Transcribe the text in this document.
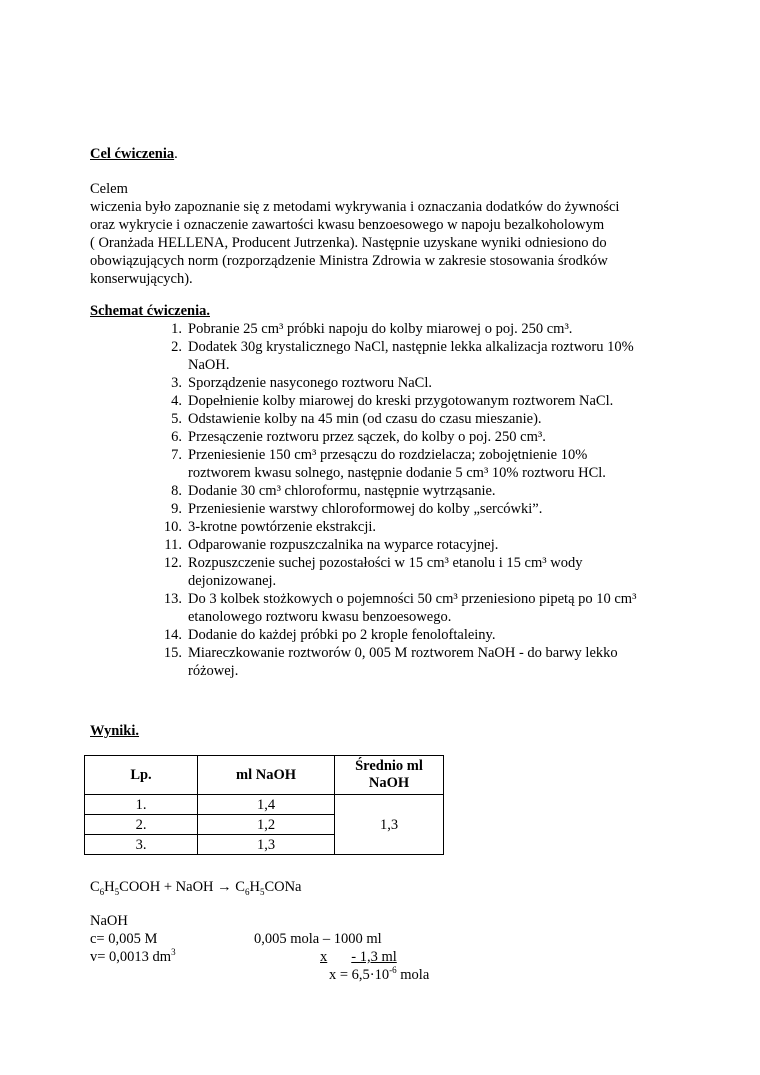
Cel ćwiczenia.
Celem
wiczenia było zapoznanie się z metodami wykrywania i oznaczania dodatków do żywności
oraz wykrycie i oznaczenie zawartości kwasu benzoesowego w napoju bezalkoholowym
( Oranżada HELLENA, Producent Jutrzenka). Następnie uzyskane wyniki odniesiono do
obowiązujących norm (rozporządzenie Ministra Zdrowia w zakresie stosowania środków
konserwujących).
Schemat ćwiczenia.
1. Pobranie 25 cm³ próbki napoju do kolby miarowej o poj. 250 cm³.
2. Dodatek 30g krystalicznego NaCl, następnie lekka alkalizacja roztworu 10%
NaOH.
3. Sporządzenie nasyconego roztworu NaCl.
4. Dopełnienie kolby miarowej do kreski przygotowanym roztworem NaCl.
5. Odstawienie kolby na 45 min (od czasu do czasu mieszanie).
6. Przesączenie roztworu przez sączek, do kolby o poj. 250 cm³.
7. Przeniesienie 150 cm³ przesączu do rozdzielacza; zobojętnienie 10%
roztworem kwasu solnego, następnie dodanie 5 cm³ 10% roztworu HCl.
8. Dodanie 30 cm³ chloroformu, następnie wytrząsanie.
9. Przeniesienie warstwy chloroformowej do kolby „sercówki”.
10. 3-krotne powtórzenie ekstrakcji.
11. Odparowanie rozpuszczalnika na wyparce rotacyjnej.
12. Rozpuszczenie suchej pozostałości w 15 cm³ etanolu i 15 cm³ wody
dejonizowanej.
13. Do 3 kolbek stożkowych o pojemności 50 cm³ przeniesiono pipetą po 10 cm³
etanolowego roztworu kwasu benzoesowego.
14. Dodanie do każdej próbki po 2 krople fenoloftaleiny.
15. Miareczkowanie roztworów 0, 005 M roztworem NaOH - do barwy lekko
różowej.
Wyniki.
Lp.	ml NaOH	Średnio ml
NaOH
1.	1,4	1,3
2.	1,2	
3.	1,3	
$C_6H_5COOH$ + NaOH → $C_6H_5CONa$
NaOH
c= 0,005 M
v= 0,0013 $dm^3$
0,005 mola – 1000 ml
x - 1,3 ml
$x = 6,5\cdot 10^{-6}$ mola
